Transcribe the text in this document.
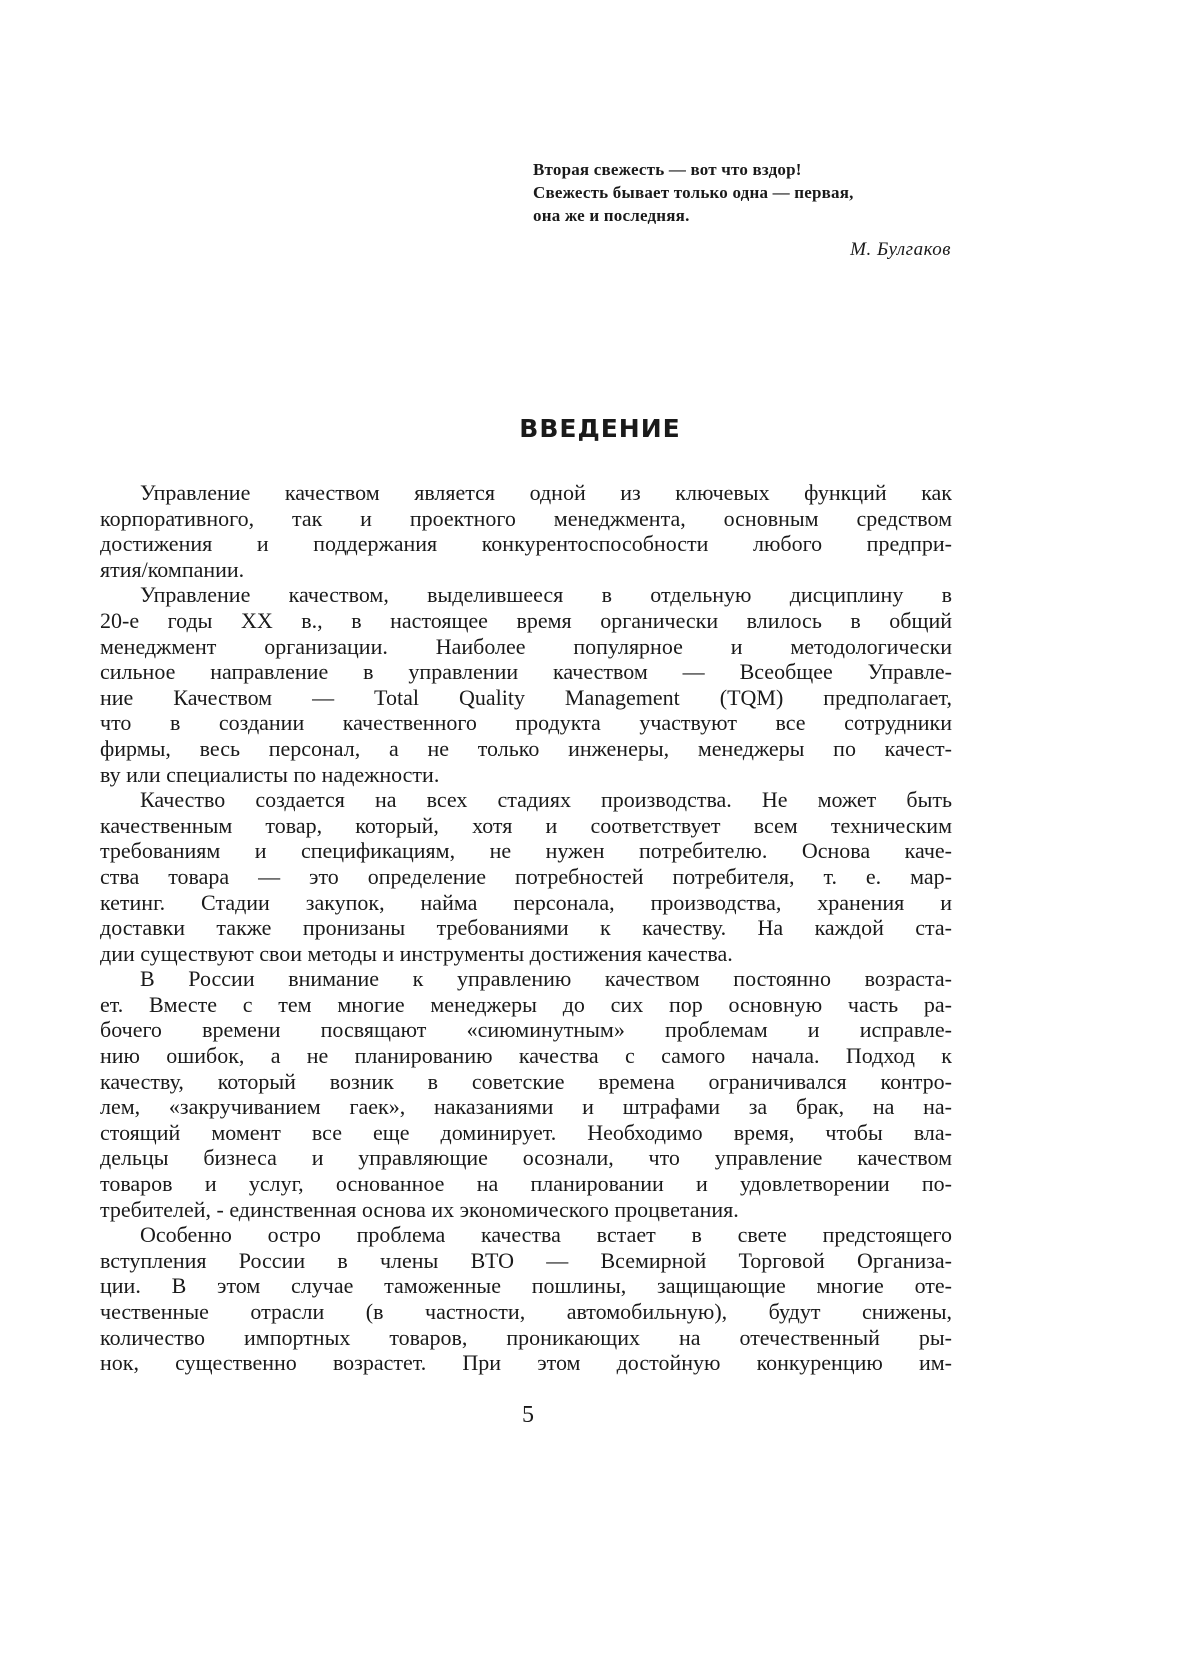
Вторая свежесть — вот что вздор!
Свежесть бывает только одна — первая,
она же и последняя.
М. Булгаков
ВВЕДЕНИЕ
Управление качеством является одной из ключевых функций как
корпоративного, так и проектного менеджмента, основным средством
достижения и поддержания конкурентоспособности любого предпри-
ятия/компании.
Управление качеством, выделившееся в отдельную дисциплину в
20-е годы XX в., в настоящее время органически влилось в общий
менеджмент организации. Наиболее популярное и методологически
сильное направление в управлении качеством — Всеобщее Управле-
ние Качеством — Total Quality Management (TQM) предполагает,
что в создании качественного продукта участвуют все сотрудники
фирмы, весь персонал, а не только инженеры, менеджеры по качест-
ву или специалисты по надежности.
Качество создается на всех стадиях производства. Не может быть
качественным товар, который, хотя и соответствует всем техническим
требованиям и спецификациям, не нужен потребителю. Основа каче-
ства товара — это определение потребностей потребителя, т. е. мар-
кетинг. Стадии закупок, найма персонала, производства, хранения и
доставки также пронизаны требованиями к качеству. На каждой ста-
дии существуют свои методы и инструменты достижения качества.
В России внимание к управлению качеством постоянно возраста-
ет. Вместе с тем многие менеджеры до сих пор основную часть ра-
бочего времени посвящают «сиюминутным» проблемам и исправле-
нию ошибок, а не планированию качества с самого начала. Подход к
качеству, который возник в советские времена ограничивался контро-
лем, «закручиванием гаек», наказаниями и штрафами за брак, на на-
стоящий момент все еще доминирует. Необходимо время, чтобы вла-
дельцы бизнеса и управляющие осознали, что управление качеством
товаров и услуг, основанное на планировании и удовлетворении по-
требителей, - единственная основа их экономического процветания.
Особенно остро проблема качества встает в свете предстоящего
вступления России в члены ВТО — Всемирной Торговой Организа-
ции. В этом случае таможенные пошлины, защищающие многие оте-
чественные отрасли (в частности, автомобильную), будут снижены,
количество импортных товаров, проникающих на отечественный ры-
нок, существенно возрастет. При этом достойную конкуренцию им-
5
